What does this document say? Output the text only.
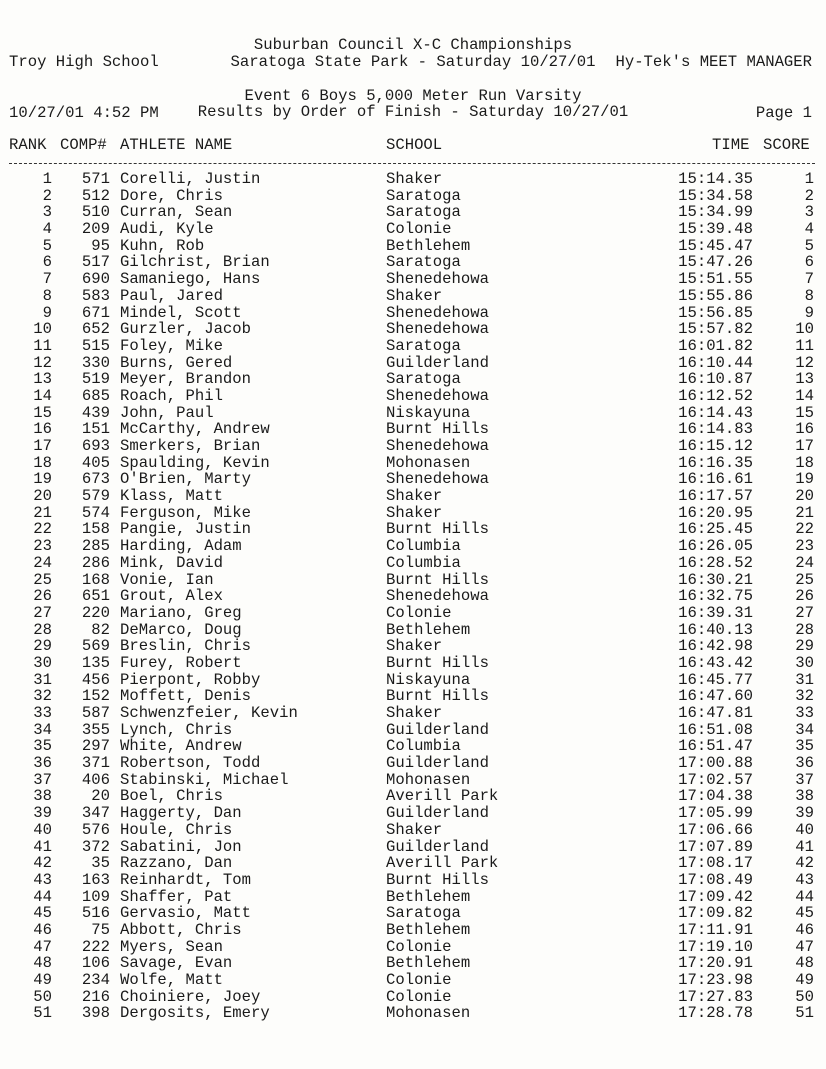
Troy High School

10/27/01 4:52 PM

Hy-Tek's MEET MANAGER

Page 1

Suburban Council X-C Championships
Saratoga State Park - Saturday 10/27/01
Event 6 Boys 5,000 Meter Run Varsity
Results by Order of Finish - Saturday 10/27/01
RANK COMP# ATHLETE NAME	SCHOOL	TIME SCORE
1	571 Corelli, Justin	Shaker	15:14.35	1
2	512 Dore, Chris	Saratoga	15:34.58	2
3	510 Curran, Sean	Saratoga	15:34.99	3
4	209 Audi, Kyle	Colonie	15:39.48	4
5	95 Kuhn, Rob	Bethlehem	15:45.47	5
6	517 Gilchrist, Brian	Saratoga	15:47.26	6
7	690 Samaniego, Hans	Shenedehowa	15:51.55	7
8	583 Paul, Jared	Shaker	15:55.86	8
9	671 Mindel, Scott	Shenedehowa	15:56.85	9
10	652 Gurzler, Jacob	Shenedehowa	15:57.82	10
11	515 Foley, Mike	Saratoga	16:01.82	11
12	330 Burns, Gered	Guilderland	16:10.44	12
13	519 Meyer, Brandon	Saratoga	16:10.87	13
14	685 Roach, Phil	Shenedehowa	16:12.52	14
15	439 John, Paul	Niskayuna	16:14.43	15
16	151 McCarthy, Andrew	Burnt Hills	16:14.83	16
17	693 Smerkers, Brian	Shenedehowa	16:15.12	17
18	405 Spaulding, Kevin	Mohonasen	16:16.35	18
19	673 O'Brien, Marty	Shenedehowa	16:16.61	19
20	579 Klass, Matt	Shaker	16:17.57	20
21	574 Ferguson, Mike	Shaker	16:20.95	21
22	158 Pangie, Justin	Burnt Hills	16:25.45	22
23	285 Harding, Adam	Columbia	16:26.05	23
24	286 Mink, David	Columbia	16:28.52	24
25	168 Vonie, Ian	Burnt Hills	16:30.21	25
26	651 Grout, Alex	Shenedehowa	16:32.75	26
27	220 Mariano, Greg	Colonie	16:39.31	27
28	82 DeMarco, Doug	Bethlehem	16:40.13	28
29	569 Breslin, Chris	Shaker	16:42.98	29
30	135 Furey, Robert	Burnt Hills	16:43.42	30
31	456 Pierpont, Robby	Niskayuna	16:45.77	31
32	152 Moffett, Denis	Burnt Hills	16:47.60	32
33	587 Schwenzfeier, Kevin	Shaker	16:47.81	33
34	355 Lynch, Chris	Guilderland	16:51.08	34
35	297 White, Andrew	Columbia	16:51.47	35
36	371 Robertson, Todd	Guilderland	17:00.88	36
37	406 Stabinski, Michael	Mohonasen	17:02.57	37
38	20 Boel, Chris	Averill Park	17:04.38	38
39	347 Haggerty, Dan	Guilderland	17:05.99	39
40	576 Houle, Chris	Shaker	17:06.66	40
41	372 Sabatini, Jon	Guilderland	17:07.89	41
42	35 Razzano, Dan	Averill Park	17:08.17	42
43	163 Reinhardt, Tom	Burnt Hills	17:08.49	43
44	109 Shaffer, Pat	Bethlehem	17:09.42	44
45	516 Gervasio, Matt	Saratoga	17:09.82	45
46	75 Abbott, Chris	Bethlehem	17:11.91	46
47	222 Myers, Sean	Colonie	17:19.10	47
48	106 Savage, Evan	Bethlehem	17:20.91	48
49	234 Wolfe, Matt	Colonie	17:23.98	49
50	216 Choiniere, Joey	Colonie	17:27.83	50
51	398 Dergosits, Emery	Mohonasen	17:28.78	51
